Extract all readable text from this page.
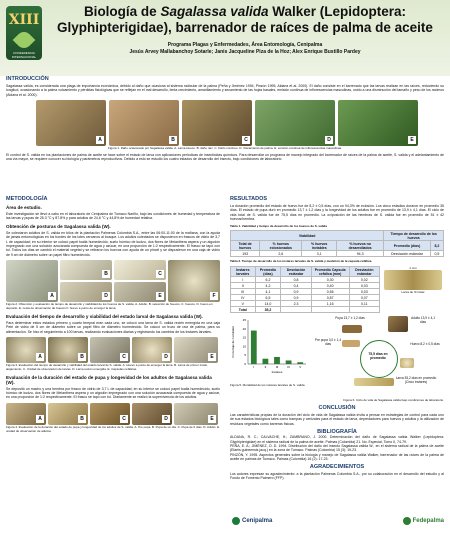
XIII
CONFERENCIA INTERNACIONAL
Biología de Sagalassa valida Walker (Lepidoptera:
Glyphipterigidae), barrenador de raíces de palma de aceite
Programa Plagas y Enfermedades, Área Entomología, Cenipalma
Jesús Arvey Mallabanchoy Sotarle; Janis Jacqueline Piza de la Hoz; Alex Enrique Bustillo Pardey
INTRODUCCIÓN
Sagalassa valida, es considerada una plaga de importancia económica, debido al daño que ocasiona al sistema radicular de la palma (Peña y Jiménez 1994, Pinzón 1995, Aldana et al. 2000). El daño consiste en el barrenado que las larvas realizan en las raíces, reduciendo su longitud, ocasionando a la palma volcamiento y pérdidas fisiológicas que se reflejan en el mal desarrollo, lenta crecimiento, amarillamiento y secamiento de las hojas basales, emisión continua de inflorescencias masculinas, unido a una disminución del tamaño y peso de los racimos (Aldana et al. 2000).
A	B	C	D	E
Figura 1. Daño ocasionado por Sagalassa valida. A. Larva Hueco. B. daño raíz. C. Daño continuo. D. Volcamiento de palma. E. emisión continua de inflorescencias masculinas.
El control de S. valida en los plantaciones de palma de aceite se hace sobre el estado de larva con aplicaciones periódicas de insecticidas químicos. Para desarrollar un programa de manejo integrado del barrenador de raíces de la palma de aceite, S. valida y el adelantamiento de una vía mayor, se requiere conocer su biología y parámetros reproductivos. Debido a esto se estudió los cuatro estados de desarrollo del insecto, bajo condiciones de laboratorio.
METODOLOGÍA
Área de estudio.
Este investigación se llevó a cabo en el laboratorio de Cenipalma de Tumaco Nariño, bajo las condiciones de humedad y temperatura de las larvas y pupas de 25.3 °C y 87.8% y para adultos de 24,6 °C y 44,8% de humedad relativa.
Obtención de posturas de Sagalassa valida (W).
Se colectaron adultos de S. valida en bilos de la plantación Palmeras Colombia S.A., entre las 06:00-11:00 de la mañana, con la ayuda de jamas entomológicas en los bordes de los lotes cercanos al bosque. Los adultos colectados se dispusieron en frascos de vidrio de 3,7 L de capacidad; en su interior se colocó papel toalla humedecido, suelo húmico de kudzu, dos flores de Melanthera aspera y un algodón impregnado con una solución azucarada compuesta de agua y azúcar, en una proporción de 1:2 respectivamente. El frasco se tapó con tul. Todos los días se cambió el material vegetal y se retiraron los huevos con ayuda de un pincel y se dispusieron en una caja de vidrio de 9 cm de diámetro sobre un papel filtro humedecido.
A
B
D
C
E	F
Figura 2. Obtención y evaluación de tiempo de desarrollo y viabilidad de los huevos de S. valida. A. Adulto. B. selección de huevos. C. huevos. D. huevo en deposito. E. cesta de observación de huevos F. huevo a punto de emerger la larva.
Evaluación del tiempo de desarrollo y viabilidad del estado larval de Sagalassa valida (W).
Para determinar estos estados primero y cuarto tempral eran cada uno, se colocó una larva de S. valida recién emergida en una caja Petri de vidrio de 5 cm de diámetro sobre un papel filtro de diámetro humedecido. Se colocó un trozo de raíz de palma, para su alimentación. Se hizo el seguimiento a 100 larvas, realizando evaluaciones diarias y registrando los cambios de los instares larvales.
A	B	C	D	E
Figura 3. Evaluación del tiempo de desarrollo y viabilidad del estado larval de S. valida. A. Huevo a punto de emerger la larva. B. Larva de primer ínstar, alojamiento. C. Unidad de observación de larvas. D. Larva recién emergida. E. Capsulas cefálicas.
Evaluación de la duración del estado de pupa y longevidad de los adultos de Sagalassa valida (W).
Se depositó un macho y una hembra por frasco de vidrio de 3,7 L de capacidad; en su interior se colocó papel toalla humedecido, suelo húmico de kudzu, dos flores de Melanthera aspera y un algodón impregnado con una solución azucarada compuesta de agua y azúcar, en una proporción de 1:2 respectivamente. El frasco se tapó con tul. Diariamente se realizó la supervivencia de los adultos.
A	B	C	D	E
Figura 4. Evaluación de la duración del estado de pupa y longevidad de los adultos de S. valida. A. Pre pupa. B. Pupa de un día. C. Pupa de 6 días. D. Adulto. E. unidad de observación de adultos.
RESULTADOS
La duración promedio del estado de huevo fue de 8,2 ± 0,5 días, con un 94,3% de eclosión. Los cinco estadios duraron en promedio 35 días. El estado de pupa duró en promedio 13,7 ± 1,2 días y la longevidad de los adultos fue en promedio de 13,9 ± 4,1 días. El ciclo de vida total de S. valida fue de 75,5 días en promedio. La oviposición de las hembras de S. valida fue en promedio de 51 ± 42 huevos/hembra.
Tabla 1. Viabilidad y tiempo de desarrollo de los huevos de S. valida
Viabilidad				Tiempo de desarrollo de los huevos	
Total de huevos	% huevos eclosionados	% huevos inviables	% huevos no desarrollados	Promedio (días)	8,2
193	2,6	3,1	94,3	Desviación estándar	0,5
Tabla 2. Tiempo de desarrollo de los instares larvales de S. valida y medición de la capsula cefálica.
Instares larvales	Promedio (días)	Desviación estándar	Promedio Capsula cefálica (mm)	Desviación estándar
I	6,2	0,8	0,30	0,02
II	4,2	0,4	0,40	0,03
III	4,1	0,9	0,56	0,03
IV	6,5	0,9	0,87	0,07
V	14,0	2,3	1,16	0,11
Total	35,2			
1 mm
Larva de III instar
25
20
15
10
5
0
I	II	III	IV	V
Instares
Porcentaje de mortalidad
Figura 5. Mortalidad de los instares larvales de S. valida
Pupa 13,7 ± 1,2 días	Adulto 13,9 ± 4,1 días
Pre pupa 3,0 ± 1,4 días
75,5 días en promedio
Huevo 8,2 ± 0,5 días
Larva 35,2 días en promedio (Cinco instares)
Figura 6. Ciclo de vida de Sagalassa valida bajo condiciones de laboratorio.
CONCLUSIÓN
Las características propias de la duración del ciclo de vida de Sagalassa valida invita a pensar en estrategias de control para cada uno de sus estados biológicos tales como trampas y cenizales para el estado de larva, depredadores para huevos y adultos y la utilización de residuos vegetales como barreras físicas.
BIBLIOGRAFÍA
ALDANA, R. C.; CALVACHE, H.; ZAMBRANO, J. 2000. Determinación del daño de Sagalassa valida Walker (Lepidoptera: Glyphipterigidae) en el sistema radical de la palma de aceite. Palmas (Colombia) 21. No. Especial, Tomo II, 74-79.
PEÑA, E. A.; JIMÉNEZ, O. D. 1994. Distribución del daño del insecto Sagalassa valida W., en el sistema radical de la palma de aceite (Elaeis guineensis jacq.) en la zona de Tumaco. Palmas (Colombia) 15 (3): 19-23.
PINZÓN, Y. 1995. Aspectos generales sobre la biología y manejo de Sagalassa valida Walker, barrenador de las raíces de la palma de aceite en palmas de Tumaco. Palmas (Colombia) 16 (2): 17-23.
AGRADECIMIENTOS
Los autores expresan su agradecimiento: a la plantación Palmeras Colombia S.A., por su colaboración en el desarrollo del estudio y al Fondo de Fomento Palmero (FFP).
Cenipalma	Fedepalma
